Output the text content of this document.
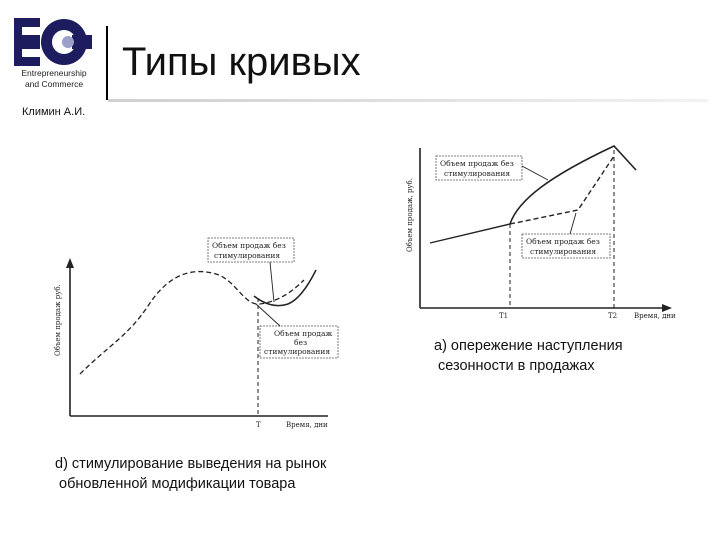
Entrepreneurship
and Commerce Типы кривых
Климин А.И.
Объем продаж, руб.
Время, дни
T1	T2
Объем продаж без
стимулирования
Объем продаж без
стимулирования
а) опережение наступления
сезонности в продажах
Объем продаж руб.
Время, дни
T
Объем продаж без
стимулирования
Объем продаж
без
стимулирования
d) стимулирование выведения на рынок
обновленной модификации товара
